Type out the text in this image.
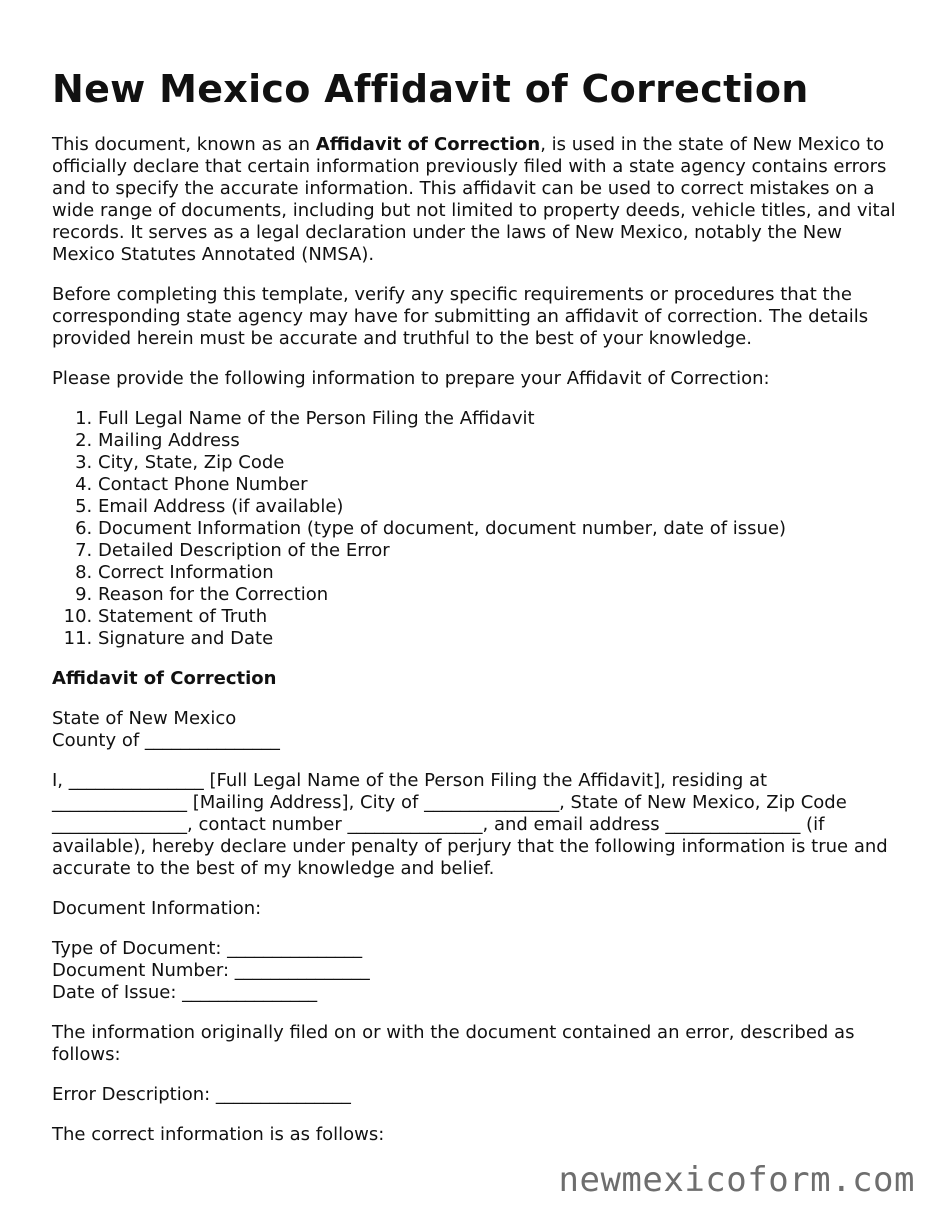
New Mexico Affidavit of Correction

This document, known as an Affidavit of Correction, is used in the state of New Mexico to officially declare that certain information previously filed with a state agency contains errors and to specify the accurate information. This affidavit can be used to correct mistakes on a wide range of documents, including but not limited to property deeds, vehicle titles, and vital records. It serves as a legal declaration under the laws of New Mexico, notably the New Mexico Statutes Annotated (NMSA).

Before completing this template, verify any specific requirements or procedures that the corresponding state agency may have for submitting an affidavit of correction. The details provided herein must be accurate and truthful to the best of your knowledge.

Please provide the following information to prepare your Affidavit of Correction:

1. Full Legal Name of the Person Filing the Affidavit
2. Mailing Address
3. City, State, Zip Code
4. Contact Phone Number
5. Email Address (if available)
6. Document Information (type of document, document number, date of issue)
7. Detailed Description of the Error
8. Correct Information
9. Reason for the Correction
10. Statement of Truth
11. Signature and Date

Affidavit of Correction

State of New Mexico
County of _______________

I, _______________ [Full Legal Name of the Person Filing the Affidavit], residing at _______________ [Mailing Address], City of _______________, State of New Mexico, Zip Code _______________, contact number _______________, and email address _______________ (if available), hereby declare under penalty of perjury that the following information is true and accurate to the best of my knowledge and belief.

Document Information:

Type of Document: _______________
Document Number: _______________
Date of Issue: _______________

The information originally filed on or with the document contained an error, described as follows:

Error Description: _______________

The correct information is as follows:

newmexicoform.com
